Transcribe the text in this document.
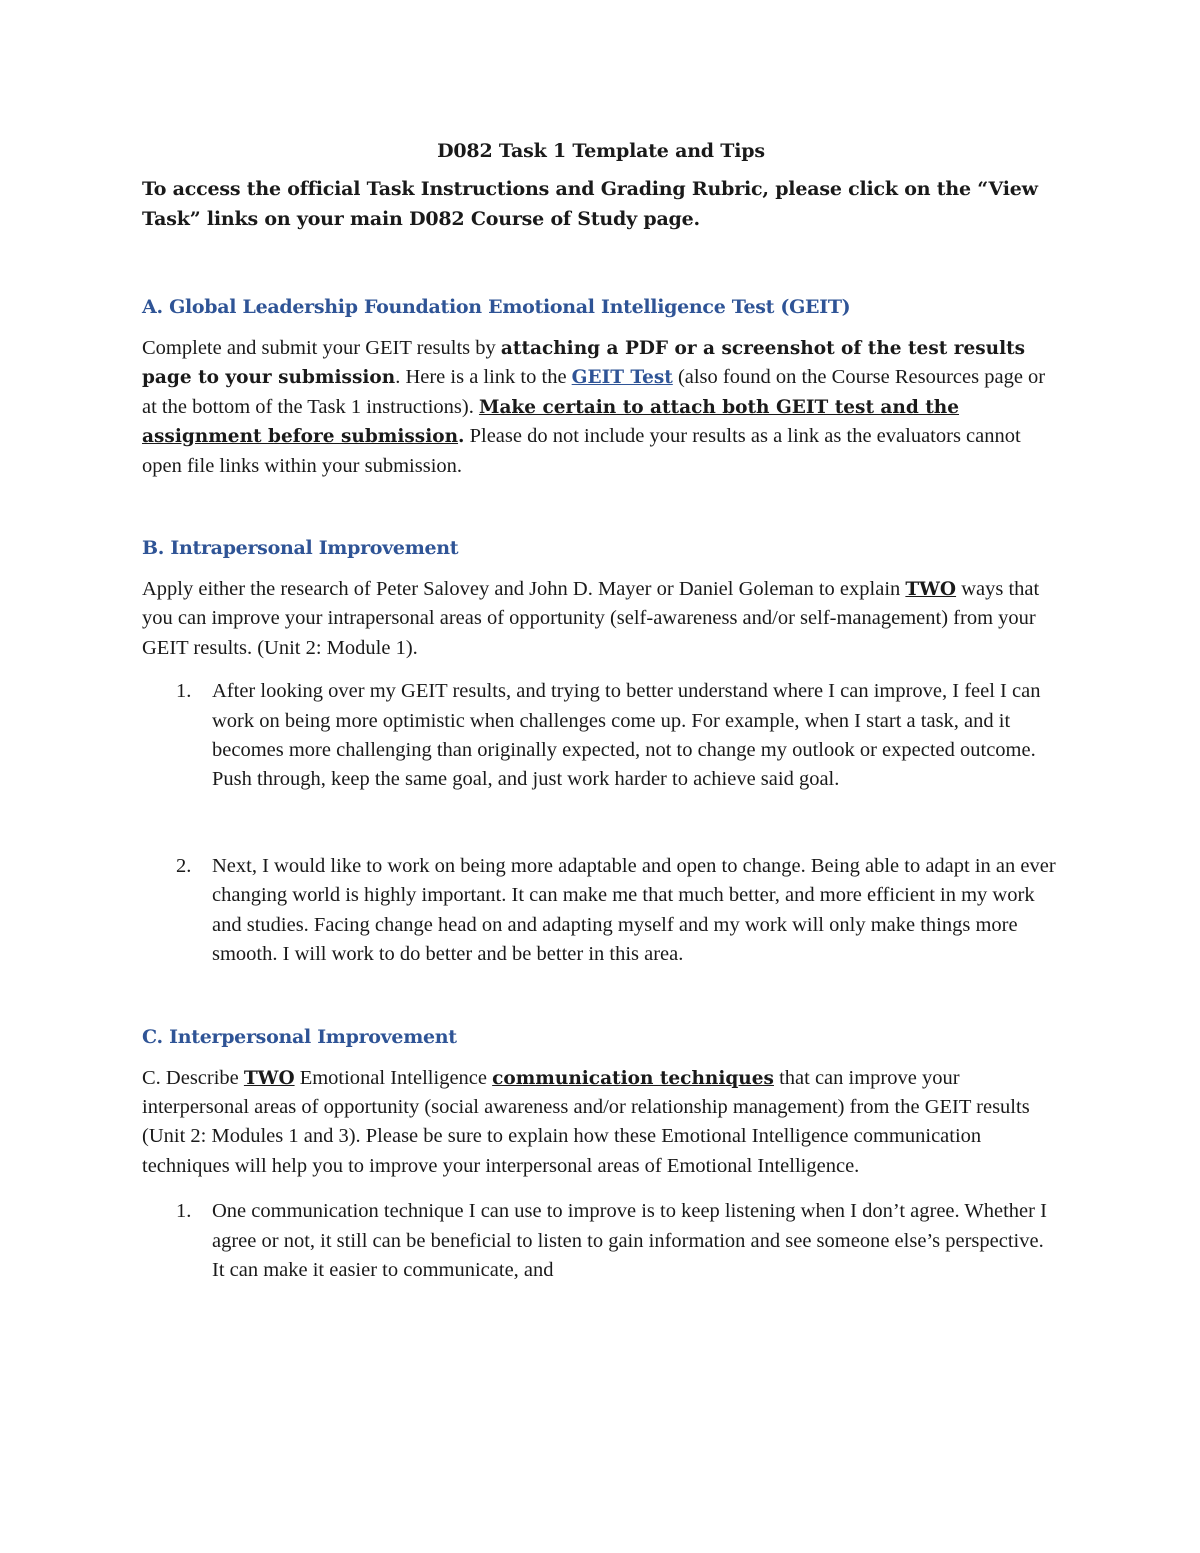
D082 Task 1 Template and Tips

To access the official Task Instructions and Grading Rubric, please click on the “View Task” links on your main D082 Course of Study page.

A. Global Leadership Foundation Emotional Intelligence Test (GEIT)

Complete and submit your GEIT results by attaching a PDF or a screenshot of the test results page to your submission. Here is a link to the GEIT Test (also found on the Course Resources page or at the bottom of the Task 1 instructions). Make certain to attach both GEIT test and the assignment before submission. Please do not include your results as a link as the evaluators cannot open file links within your submission.

B. Intrapersonal Improvement

Apply either the research of Peter Salovey and John D. Mayer or Daniel Goleman to explain TWO ways that you can improve your intrapersonal areas of opportunity (self-awareness and/or self-management) from your GEIT results. (Unit 2: Module 1).

1. After looking over my GEIT results, and trying to better understand where I can improve, I feel I can work on being more optimistic when challenges come up. For example, when I start a task, and it becomes more challenging than originally expected, not to change my outlook or expected outcome. Push through, keep the same goal, and just work harder to achieve said goal.
2. Next, I would like to work on being more adaptable and open to change. Being able to adapt in an ever changing world is highly important. It can make me that much better, and more efficient in my work and studies. Facing change head on and adapting myself and my work will only make things more smooth. I will work to do better and be better in this area.
C. Interpersonal Improvement

C. Describe TWO Emotional Intelligence communication techniques that can improve your interpersonal areas of opportunity (social awareness and/or relationship management) from the GEIT results (Unit 2: Modules 1 and 3). Please be sure to explain how these Emotional Intelligence communication techniques will help you to improve your interpersonal areas of Emotional Intelligence.

1. One communication technique I can use to improve is to keep listening when I don’t agree. Whether I agree or not, it still can be beneficial to listen to gain information and see someone else’s perspective. It can make it easier to communicate, and
